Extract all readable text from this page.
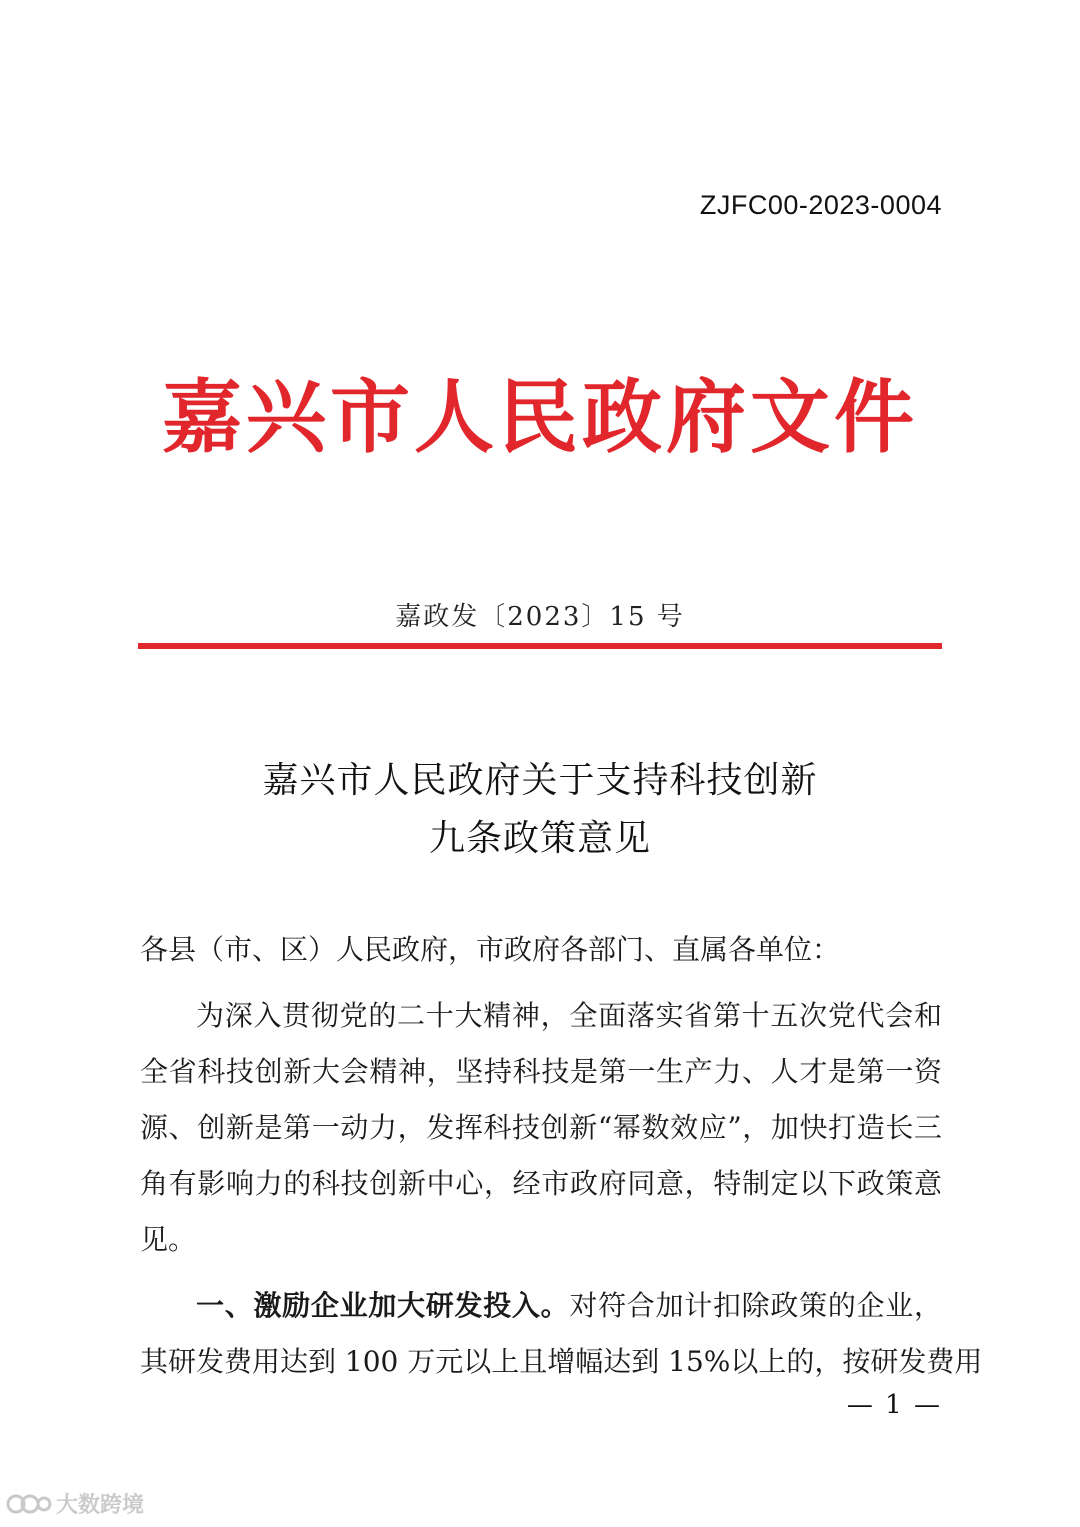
ZJFC00-2023-0004
嘉兴市人民政府文件
嘉政发〔2023〕15 号
嘉兴市人民政府关于支持科技创新
九条政策意见
各县（市、区）人民政府，市政府各部门、直属各单位：
为深入贯彻党的二十大精神，全面落实省第十五次党代会和
全省科技创新大会精神，坚持科技是第一生产力、人才是第一资
源、创新是第一动力，发挥科技创新“幂数效应”，加快打造长三
角有影响力的科技创新中心，经市政府同意，特制定以下政策意
见。
一、激励企业加大研发投入。对符合加计扣除政策的企业，
其研发费用达到 100 万元以上且增幅达到 15%以上的，按研发费用
— 1 —
大数跨境
